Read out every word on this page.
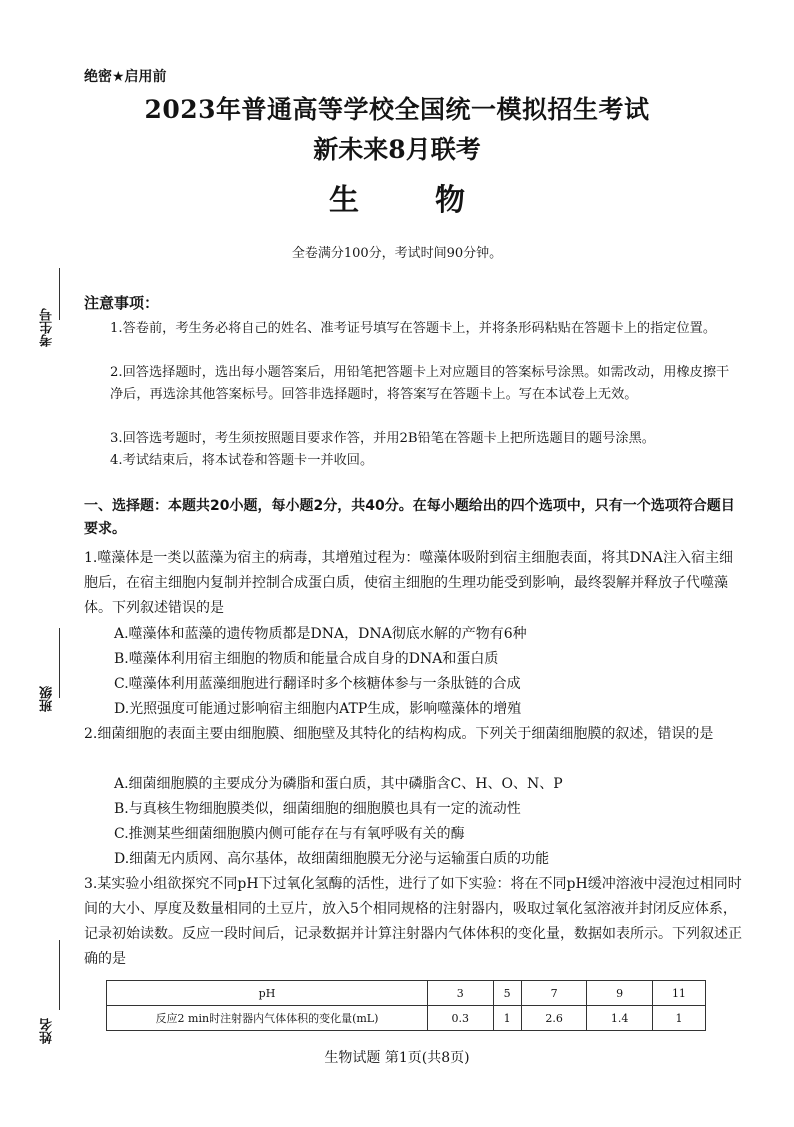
绝密★启用前
2023年普通高等学校全国统一模拟招生考试
新未来8月联考
生	物
全卷满分100分，考试时间90分钟。
考生号
班级
姓名
注意事项：
1.答卷前，考生务必将自己的姓名、准考证号填写在答题卡上，并将条形码粘贴在答题卡上的指定位置。
2.回答选择题时，选出每小题答案后，用铅笔把答题卡上对应题目的答案标号涂黑。如需改动，用橡皮擦干净后，再选涂其他答案标号。回答非选择题时，将答案写在答题卡上。写在本试卷上无效。
3.回答选考题时，考生须按照题目要求作答，并用2B铅笔在答题卡上把所选题目的题号涂黑。
4.考试结束后，将本试卷和答题卡一并收回。
一、选择题：本题共20小题，每小题2分，共40分。在每小题给出的四个选项中，只有一个选项符合题目要求。
1.噬藻体是一类以蓝藻为宿主的病毒，其增殖过程为：噬藻体吸附到宿主细胞表面，将其DNA注入宿主细胞后，在宿主细胞内复制并控制合成蛋白质，使宿主细胞的生理功能受到影响，最终裂解并释放子代噬藻体。下列叙述错误的是
A.噬藻体和蓝藻的遗传物质都是DNA，DNA彻底水解的产物有6种
B.噬藻体利用宿主细胞的物质和能量合成自身的DNA和蛋白质
C.噬藻体利用蓝藻细胞进行翻译时多个核糖体参与一条肽链的合成
D.光照强度可能通过影响宿主细胞内ATP生成，影响噬藻体的增殖
2.细菌细胞的表面主要由细胞膜、细胞壁及其特化的结构构成。下列关于细菌细胞膜的叙述，错误的是
A.细菌细胞膜的主要成分为磷脂和蛋白质，其中磷脂含C、H、O、N、P
B.与真核生物细胞膜类似，细菌细胞的细胞膜也具有一定的流动性
C.推测某些细菌细胞膜内侧可能存在与有氧呼吸有关的酶
D.细菌无内质网、高尔基体，故细菌细胞膜无分泌与运输蛋白质的功能
3.某实验小组欲探究不同pH下过氧化氢酶的活性，进行了如下实验：将在不同pH缓冲溶液中浸泡过相同时间的大小、厚度及数量相同的土豆片，放入5个相同规格的注射器内，吸取过氧化氢溶液并封闭反应体系，记录初始读数。反应一段时间后，记录数据并计算注射器内气体体积的变化量，数据如表所示。下列叙述正确的是
pH	3	5	7	9	11
反应2 min时注射器内气体体积的变化量(mL)	0.3	1	2.6	1.4	1
生物试题 第1页(共8页)
